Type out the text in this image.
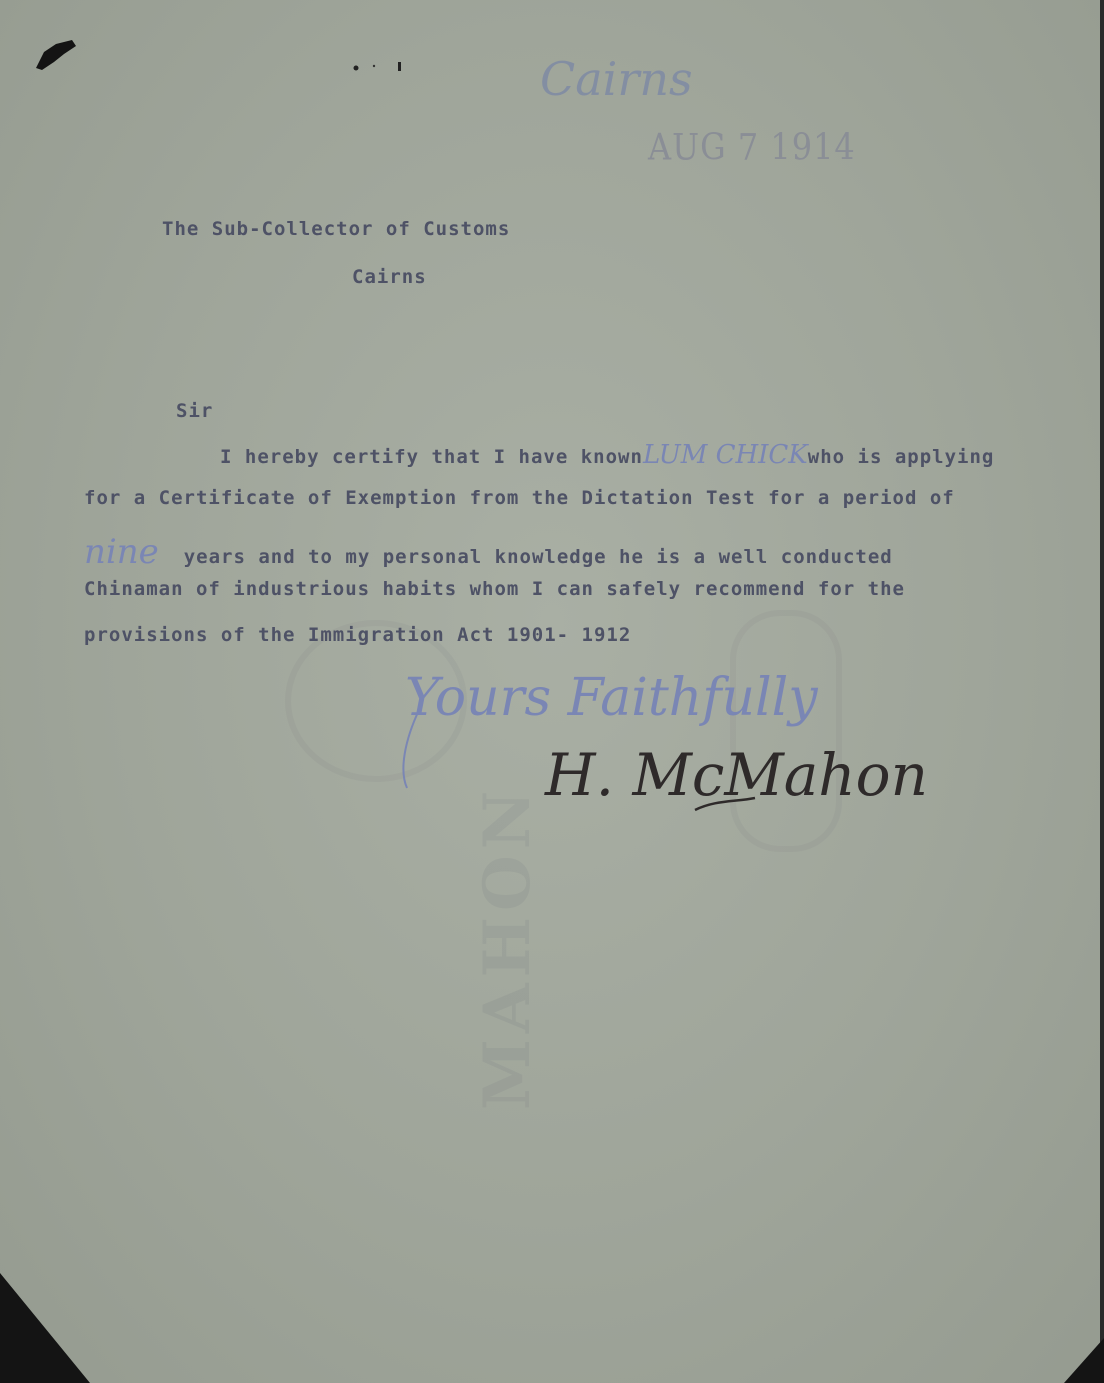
MAHON
Cairns
AUG 7 1914
The Sub-Collector of Customs
Cairns
Sir
I hereby certify that I have knownLUM CHICKwho is applying
for a Certificate of Exemption from the Dictation Test for a period of
nine years and to my personal knowledge he is a well conducted
Chinaman of industrious habits whom I can safely recommend for the
provisions of the Immigration Act 1901- 1912
Yours Faithfully
H. McMahon
